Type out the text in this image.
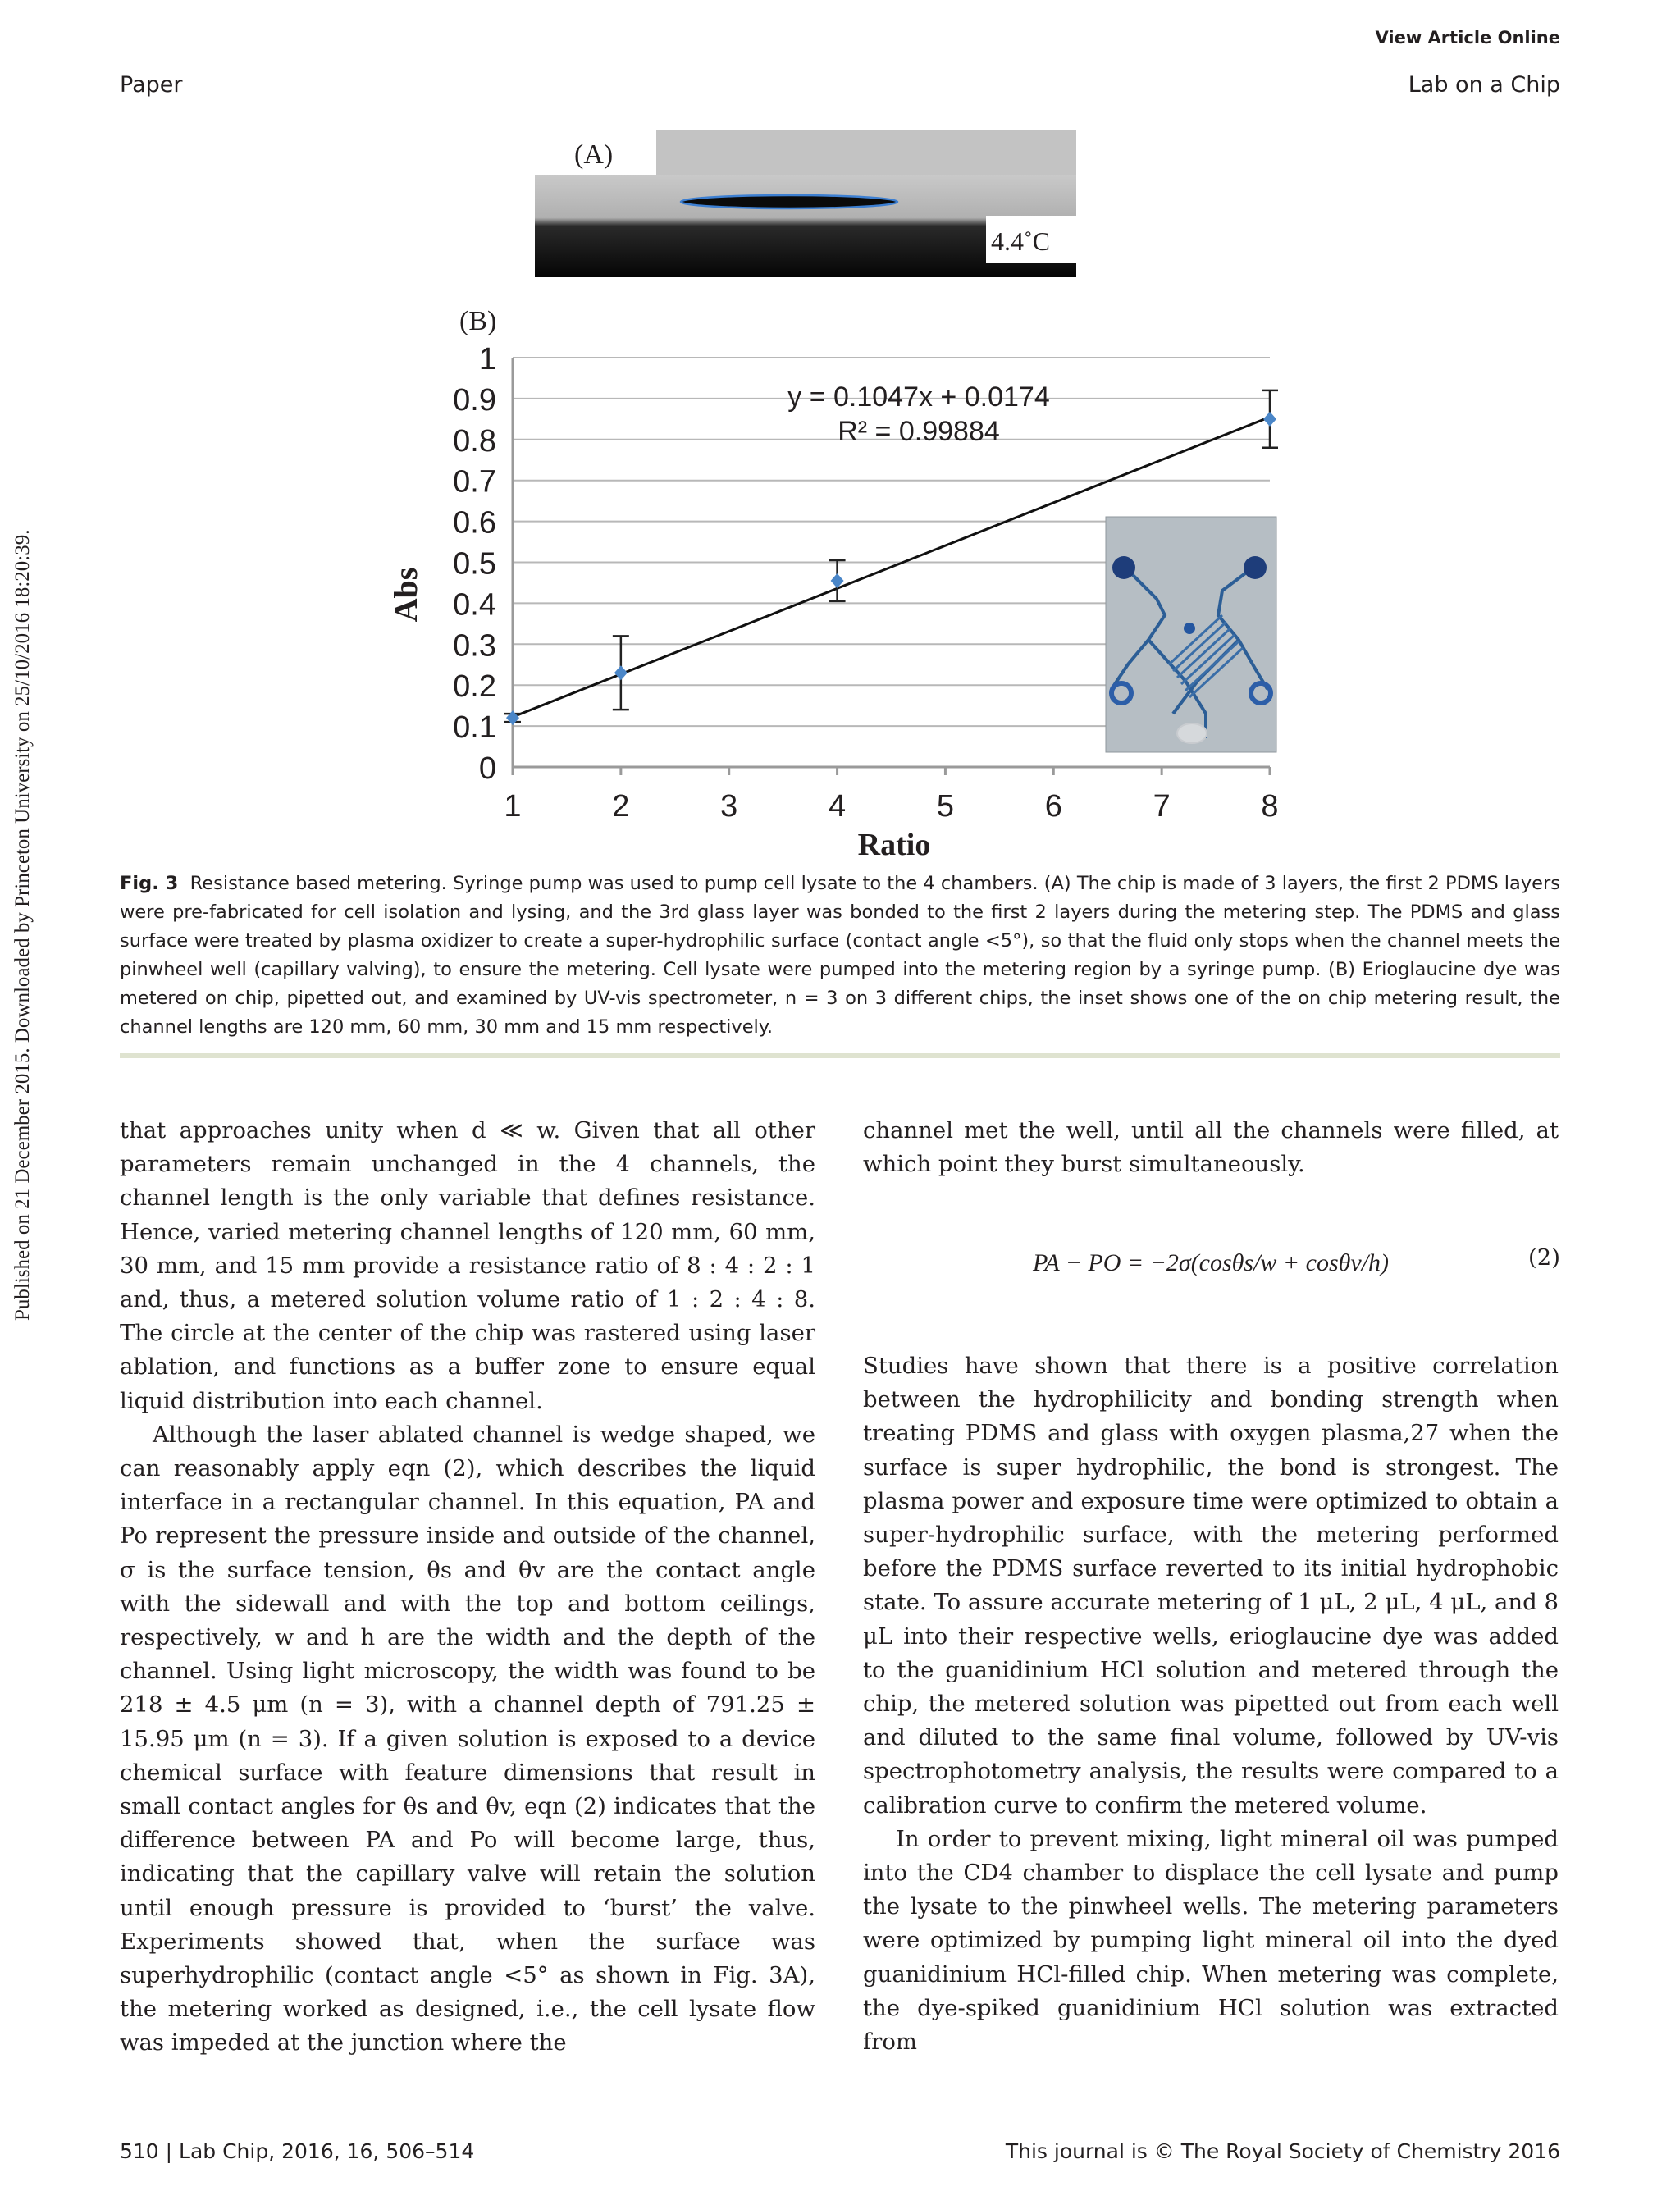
View Article Online
Paper	Lab on a Chip
Published on 21 December 2015. Downloaded by Princeton University on 25/10/2016 18:20:39.
(A)
4.4˚C
(B)
0
0.1
0.2
0.3
0.4
0.5
0.6
0.7
0.8
0.9
1
1	2	3	4	5	6	7	8
y = 0.1047x + 0.0174
R² = 0.99884
Ratio
Abs
Fig. 3 Resistance based metering. Syringe pump was used to pump cell lysate to the 4 chambers. (A) The chip is made of 3 layers, the first 2 PDMS layers were pre-fabricated for cell isolation and lysing, and the 3rd glass layer was bonded to the first 2 layers during the metering step. The PDMS and glass surface were treated by plasma oxidizer to create a super-hydrophilic surface (contact angle <5°), so that the fluid only stops when the channel meets the pinwheel well (capillary valving), to ensure the metering. Cell lysate were pumped into the metering region by a syringe pump. (B) Erioglaucine dye was metered on chip, pipetted out, and examined by UV-vis spectrometer, n = 3 on 3 different chips, the inset shows one of the on chip metering result, the channel lengths are 120 mm, 60 mm, 30 mm and 15 mm respectively.

that approaches unity when d ≪ w. Given that all other parameters remain unchanged in the 4 channels, the channel length is the only variable that defines resistance. Hence, varied metering channel lengths of 120 mm, 60 mm, 30 mm, and 15 mm provide a resistance ratio of 8 : 4 : 2 : 1 and, thus, a metered solution volume ratio of 1 : 2 : 4 : 8. The circle at the center of the chip was rastered using laser ablation, and functions as a buffer zone to ensure equal liquid distribution into each channel.

Although the laser ablated channel is wedge shaped, we can reasonably apply eqn (2), which describes the liquid interface in a rectangular channel. In this equation, PA and Po represent the pressure inside and outside of the channel, σ is the surface tension, θs and θv are the contact angle with the sidewall and with the top and bottom ceilings, respectively, w and h are the width and the depth of the channel. Using light microscopy, the width was found to be 218 ± 4.5 μm (n = 3), with a channel depth of 791.25 ± 15.95 μm (n = 3). If a given solution is exposed to a device chemical surface with feature dimensions that result in small contact angles for θs and θv, eqn (2) indicates that the difference between PA and Po will become large, thus, indicating that the capillary valve will retain the solution until enough pressure is provided to ‘burst’ the valve. Experiments showed that, when the surface was superhydrophilic (contact angle <5° as shown in Fig. 3A), the metering worked as designed, i.e., the cell lysate flow was impeded at the junction where the

channel met the well, until all the channels were filled, at which point they burst simultaneously.

PA − PO = −2σ(cosθs/w + cosθv/h)	(2)

Studies have shown that there is a positive correlation between the hydrophilicity and bonding strength when treating PDMS and glass with oxygen plasma,27 when the surface is super hydrophilic, the bond is strongest. The plasma power and exposure time were optimized to obtain a super-hydrophilic surface, with the metering performed before the PDMS surface reverted to its initial hydrophobic state. To assure accurate metering of 1 μL, 2 μL, 4 μL, and 8 μL into their respective wells, erioglaucine dye was added to the guanidinium HCl solution and metered through the chip, the metered solution was pipetted out from each well and diluted to the same final volume, followed by UV-vis spectrophotometry analysis, the results were compared to a calibration curve to confirm the metered volume.

In order to prevent mixing, light mineral oil was pumped into the CD4 chamber to displace the cell lysate and pump the lysate to the pinwheel wells. The metering parameters were optimized by pumping light mineral oil into the dyed guanidinium HCl-filled chip. When metering was complete, the dye-spiked guanidinium HCl solution was extracted from

510 | Lab Chip, 2016, 16, 506–514	This journal is © The Royal Society of Chemistry 2016
